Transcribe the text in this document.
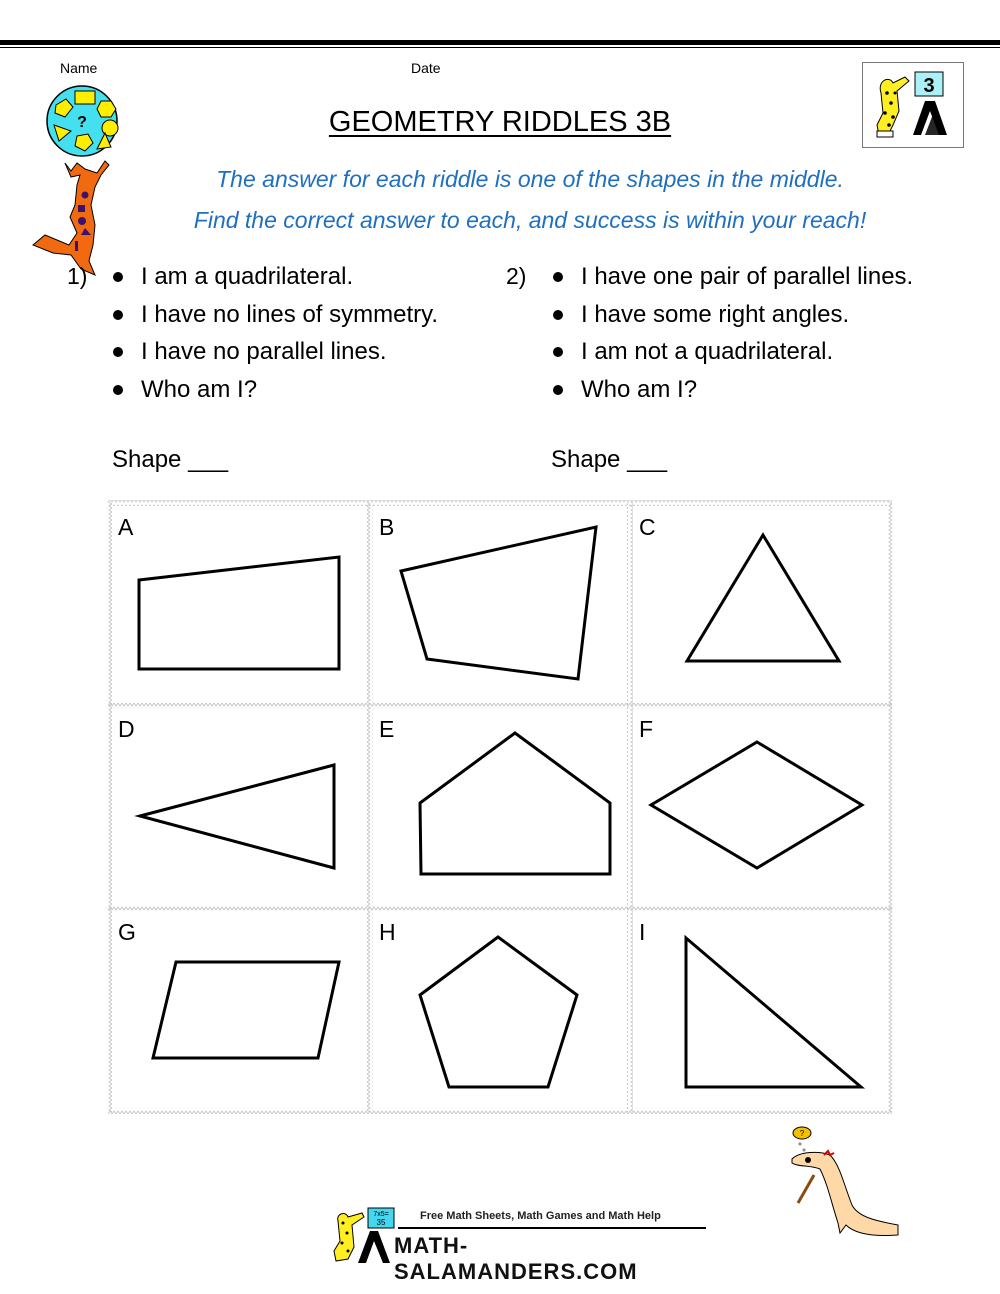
Name	Date
?
3
GEOMETRY RIDDLES 3B
The answer for each riddle is one of the shapes in the middle.
Find the correct answer to each, and success is within your reach!
1)	I am a quadrilateral.
I have no lines of symmetry.
I have no parallel lines.
Who am I?
Shape ___
2)	I have one pair of parallel lines.
I have some right angles.
I am not a quadrilateral.
Who am I?
Shape ___
A	B	C
D	E	F
G	H	I
?
7x5=
35
Free Math Sheets, Math Games and Math Help
MATH-SALAMANDERS.COM
